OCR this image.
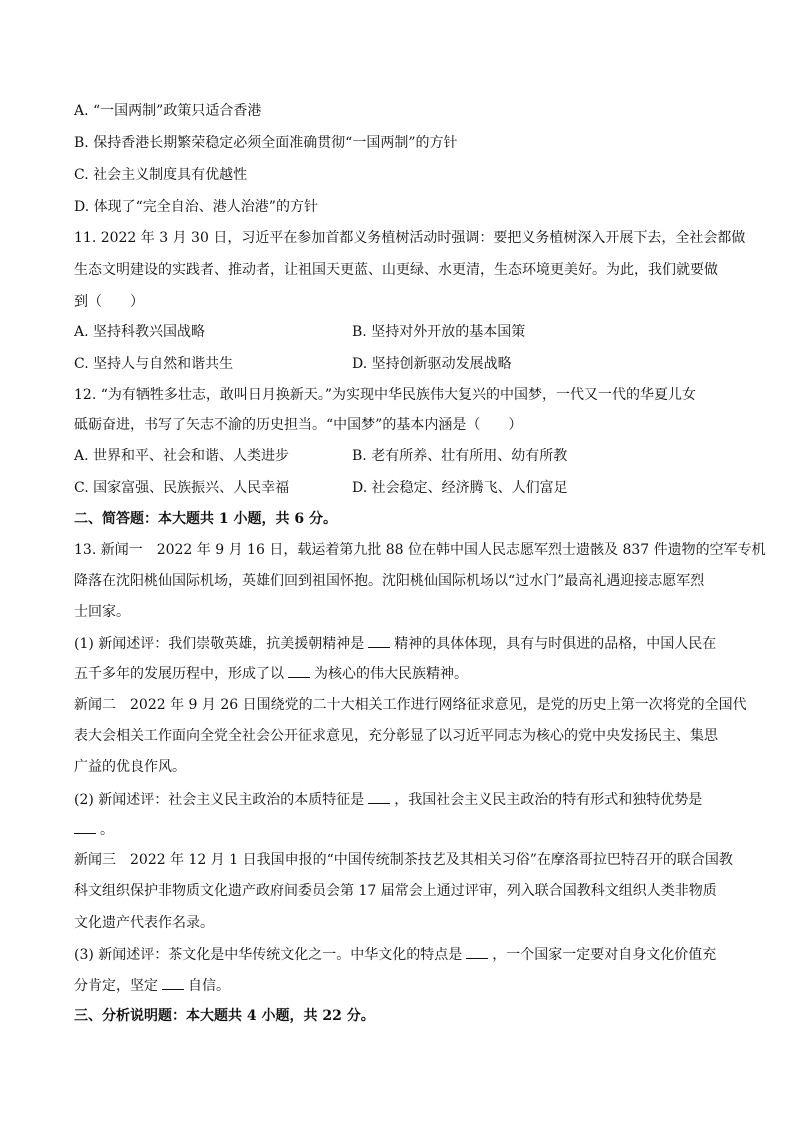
A. “一国两制”政策只适合香港
B. 保持香港长期繁荣稳定必须全面准确贯彻“一国两制”的方针
C. 社会主义制度具有优越性
D. 体现了“完全自治、港人治港”的方针
11. 2022 年 3 月 30 日，习近平在参加首都义务植树活动时强调：要把义务植树深入开展下去，全社会都做
生态文明建设的实践者、推动者，让祖国天更蓝、山更绿、水更清，生态环境更美好。为此，我们就要做
到（　　）
A. 坚持科教兴国战略	B. 坚持对外开放的基本国策
C. 坚持人与自然和谐共生	D. 坚持创新驱动发展战略
12. “为有牺牲多壮志，敢叫日月换新天。”为实现中华民族伟大复兴的中国梦，一代又一代的华夏儿女
砥砺奋进，书写了矢志不渝的历史担当。“中国梦”的基本内涵是（　　）
A. 世界和平、社会和谐、人类进步	B. 老有所养、壮有所用、幼有所教
C. 国家富强、民族振兴、人民幸福	D. 社会稳定、经济腾飞、人们富足
二、简答题：本大题共 1 小题，共 6 分。
13. 新闻一　2022 年 9 月 16 日，载运着第九批 88 位在韩中国人民志愿军烈士遗骸及 837 件遗物的空军专机
降落在沈阳桃仙国际机场，英雄们回到祖国怀抱。沈阳桃仙国际机场以“过水门”最高礼遇迎接志愿军烈
士回家。
(1) 新闻述评：我们崇敬英雄，抗美援朝精神是 精神的具体体现，具有与时俱进的品格，中国人民在
五千多年的发展历程中，形成了以 为核心的伟大民族精神。
新闻二　2022 年 9 月 26 日围绕党的二十大相关工作进行网络征求意见，是党的历史上第一次将党的全国代
表大会相关工作面向全党全社会公开征求意见，充分彰显了以习近平同志为核心的党中央发扬民主、集思
广益的优良作风。
(2) 新闻述评：社会主义民主政治的本质特征是 ，我国社会主义民主政治的特有形式和独特优势是
。
新闻三　2022 年 12 月 1 日我国申报的“中国传统制茶技艺及其相关习俗”在摩洛哥拉巴特召开的联合国教
科文组织保护非物质文化遗产政府间委员会第 17 届常会上通过评审，列入联合国教科文组织人类非物质
文化遗产代表作名录。
(3) 新闻述评：茶文化是中华传统文化之一。中华文化的特点是 ，一个国家一定要对自身文化价值充
分肯定，坚定 自信。
三、分析说明题：本大题共 4 小题，共 22 分。
